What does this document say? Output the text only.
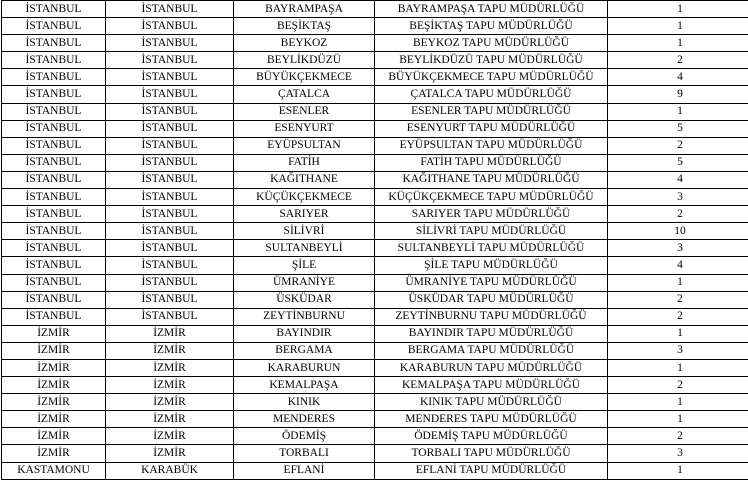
İSTANBUL	İSTANBUL	BAYRAMPAŞA	BAYRAMPAŞA TAPU MÜDÜRLÜĞÜ	1
İSTANBUL	İSTANBUL	BEŞİKTAŞ	BEŞİKTAŞ TAPU MÜDÜRLÜĞÜ	1
İSTANBUL	İSTANBUL	BEYKOZ	BEYKOZ TAPU MÜDÜRLÜĞÜ	1
İSTANBUL	İSTANBUL	BEYLİKDÜZÜ	BEYLİKDÜZÜ TAPU MÜDÜRLÜĞÜ	2
İSTANBUL	İSTANBUL	BÜYÜKÇEKMECE	BÜYÜKÇEKMECE TAPU MÜDÜRLÜĞÜ	4
İSTANBUL	İSTANBUL	ÇATALCA	ÇATALCA TAPU MÜDÜRLÜĞÜ	9
İSTANBUL	İSTANBUL	ESENLER	ESENLER TAPU MÜDÜRLÜĞÜ	1
İSTANBUL	İSTANBUL	ESENYURT	ESENYURT TAPU MÜDÜRLÜĞÜ	5
İSTANBUL	İSTANBUL	EYÜPSULTAN	EYÜPSULTAN TAPU MÜDÜRLÜĞÜ	2
İSTANBUL	İSTANBUL	FATİH	FATİH TAPU MÜDÜRLÜĞÜ	5
İSTANBUL	İSTANBUL	KAĞITHANE	KAĞITHANE TAPU MÜDÜRLÜĞÜ	4
İSTANBUL	İSTANBUL	KÜÇÜKÇEKMECE	KÜÇÜKÇEKMECE TAPU MÜDÜRLÜĞÜ	3
İSTANBUL	İSTANBUL	SARIYER	SARIYER TAPU MÜDÜRLÜĞÜ	2
İSTANBUL	İSTANBUL	SİLİVRİ	SİLİVRİ TAPU MÜDÜRLÜĞÜ	10
İSTANBUL	İSTANBUL	SULTANBEYLİ	SULTANBEYLİ TAPU MÜDÜRLÜĞÜ	3
İSTANBUL	İSTANBUL	ŞİLE	ŞİLE TAPU MÜDÜRLÜĞÜ	4
İSTANBUL	İSTANBUL	ÜMRANİYE	ÜMRANİYE TAPU MÜDÜRLÜĞÜ	1
İSTANBUL	İSTANBUL	ÜSKÜDAR	ÜSKÜDAR TAPU MÜDÜRLÜĞÜ	2
İSTANBUL	İSTANBUL	ZEYTİNBURNU	ZEYTİNBURNU TAPU MÜDÜRLÜĞÜ	2
İZMİR	İZMİR	BAYINDIR	BAYINDIR TAPU MÜDÜRLÜĞÜ	1
İZMİR	İZMİR	BERGAMA	BERGAMA TAPU MÜDÜRLÜĞÜ	3
İZMİR	İZMİR	KARABURUN	KARABURUN TAPU MÜDÜRLÜĞÜ	1
İZMİR	İZMİR	KEMALPAŞA	KEMALPAŞA TAPU MÜDÜRLÜĞÜ	2
İZMİR	İZMİR	KINIK	KINIK TAPU MÜDÜRLÜĞÜ	1
İZMİR	İZMİR	MENDERES	MENDERES TAPU MÜDÜRLÜĞÜ	1
İZMİR	İZMİR	ÖDEMİŞ	ÖDEMİŞ TAPU MÜDÜRLÜĞÜ	2
İZMİR	İZMİR	TORBALI	TORBALI TAPU MÜDÜRLÜĞÜ	3
KASTAMONU	KARABÜK	EFLANİ	EFLANİ TAPU MÜDÜRLÜĞÜ	1
